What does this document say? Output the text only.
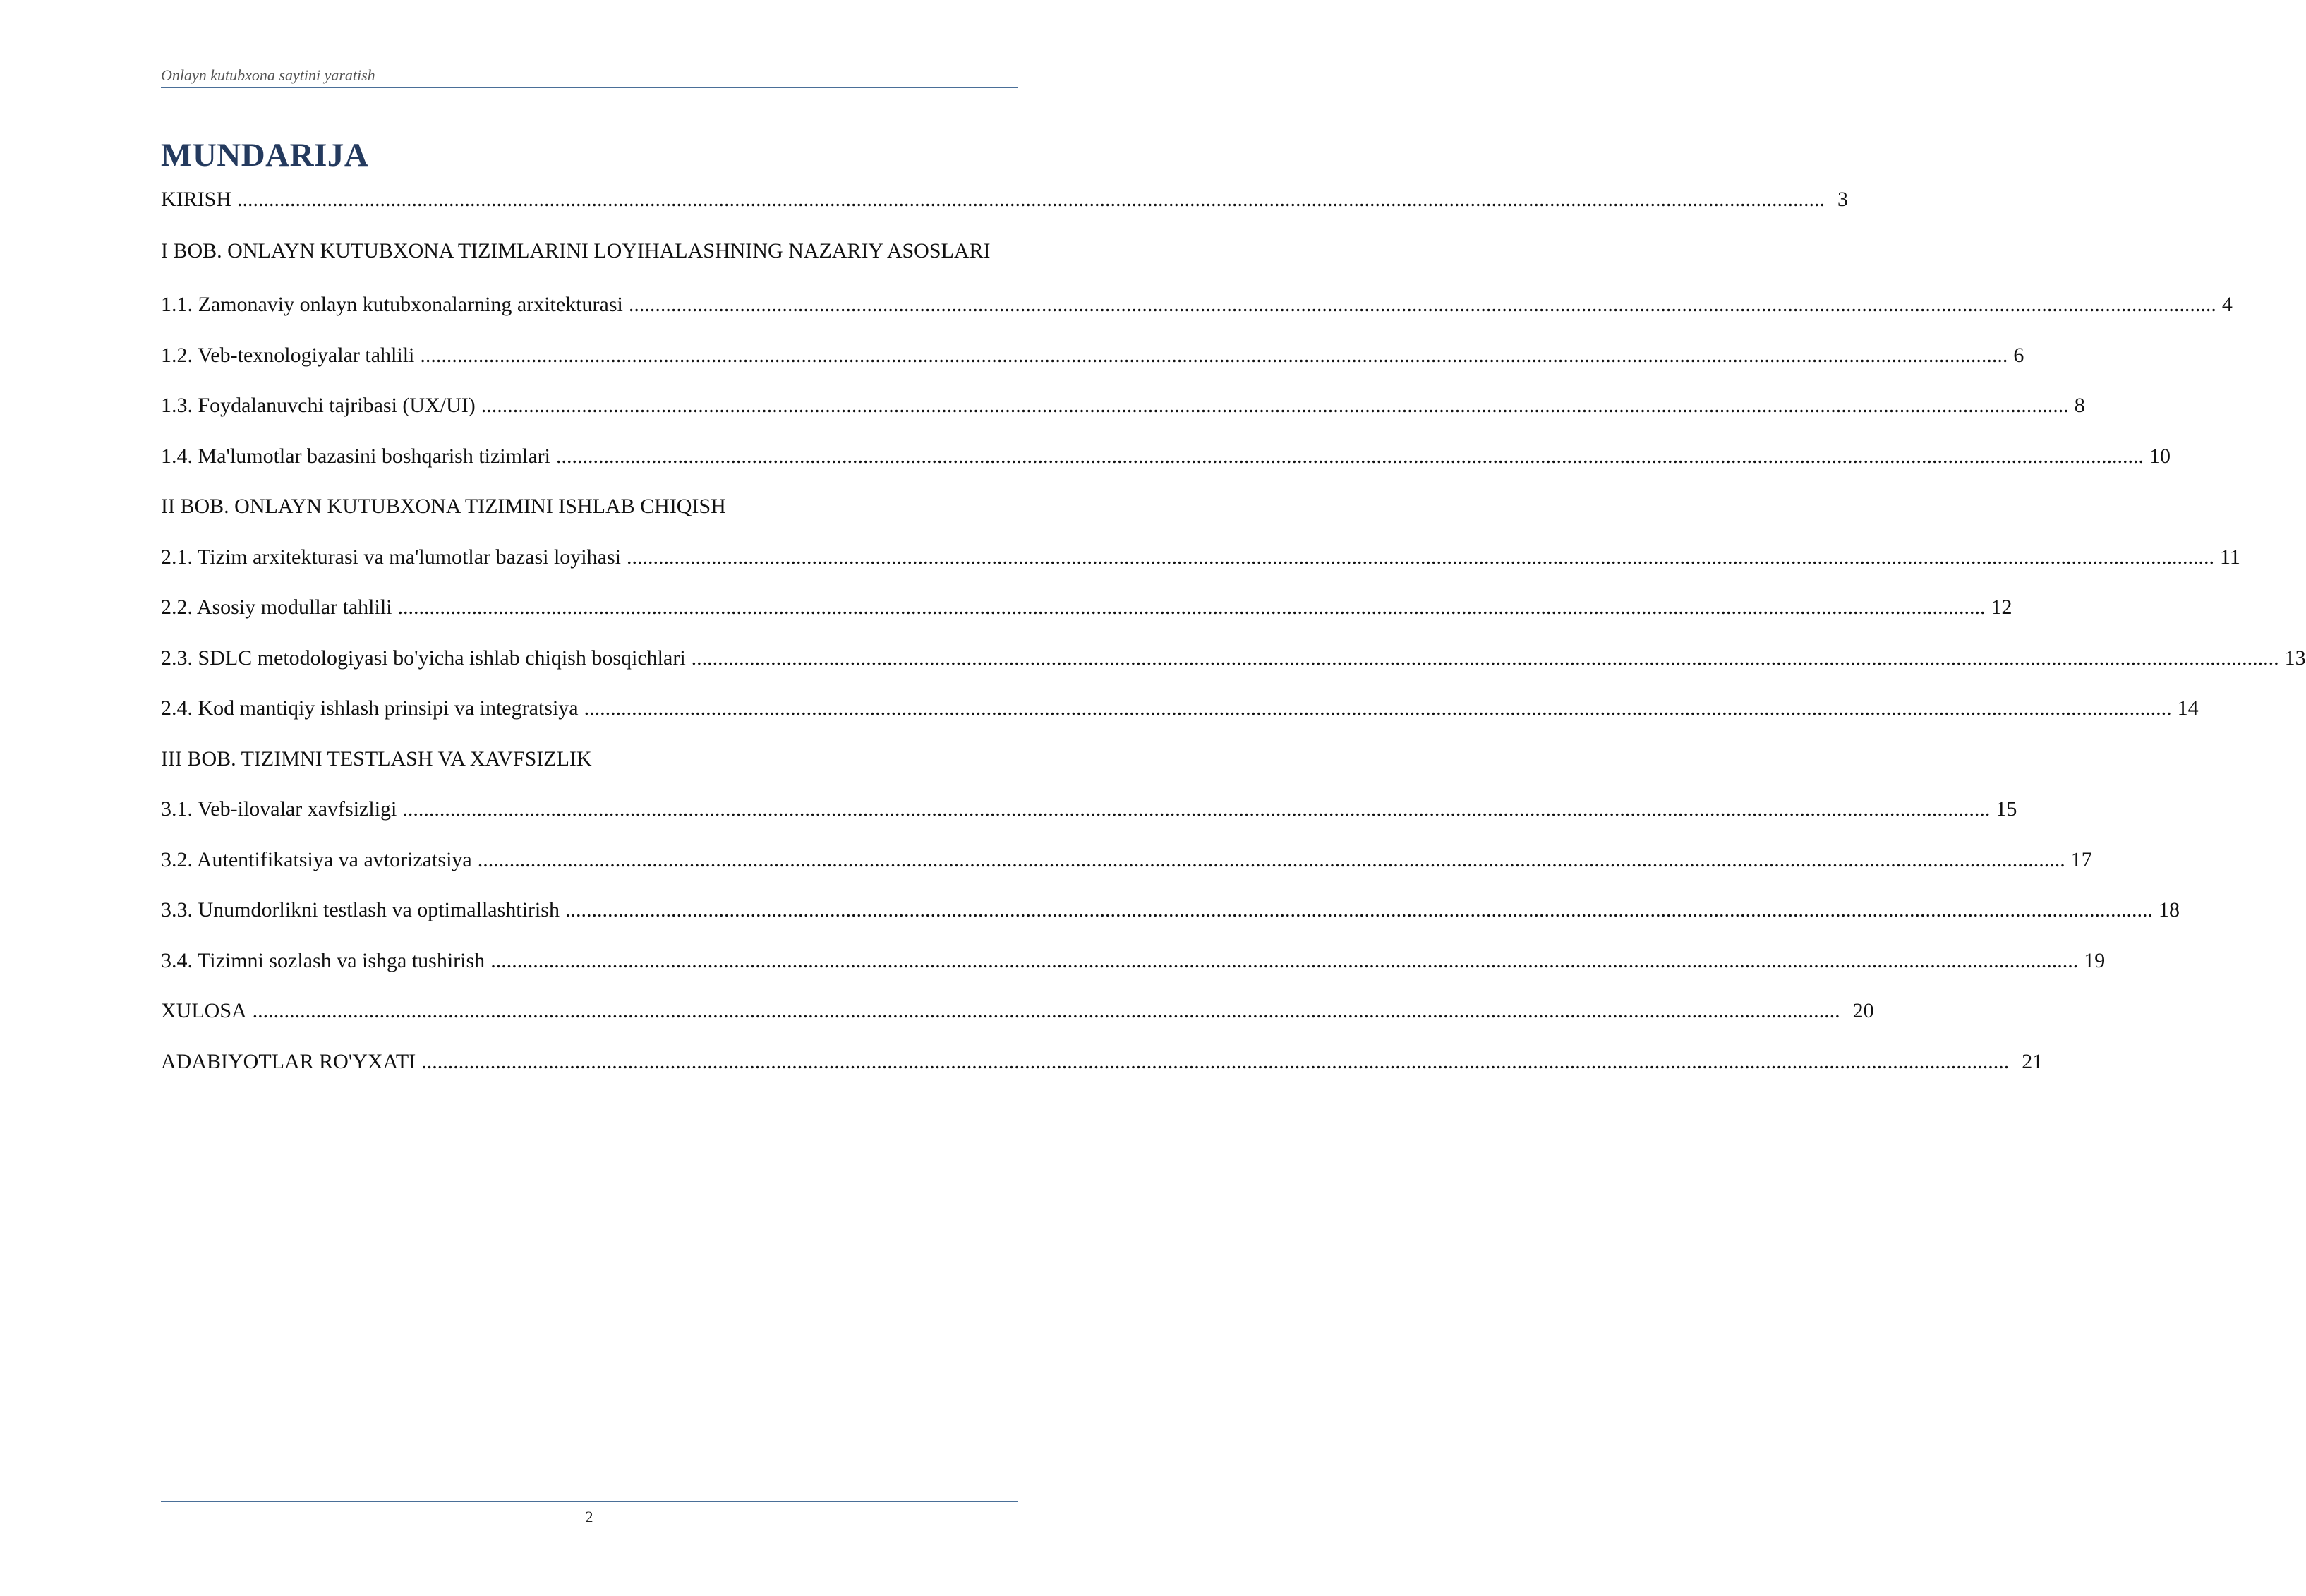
Onlayn kutubxona saytini yaratish
MUNDARIJA
KIRISH ............................................................................................................................................................................................................................................................................................................ 3
I BOB. ONLAYN KUTUBXONA TIZIMLARINI LOYIHALASHNING NAZARIY ASOSLARI
1.1. Zamonaviy onlayn kutubxonalarning arxitekturasi ............................................................................................................................................................................................................................................................................................................ 4
1.2. Veb-texnologiyalar tahlili ............................................................................................................................................................................................................................................................................................................ 6
1.3. Foydalanuvchi tajribasi (UX/UI) ............................................................................................................................................................................................................................................................................................................ 8
1.4. Ma'lumotlar bazasini boshqarish tizimlari ............................................................................................................................................................................................................................................................................................................ 10
II BOB. ONLAYN KUTUBXONA TIZIMINI ISHLAB CHIQISH
2.1. Tizim arxitekturasi va ma'lumotlar bazasi loyihasi ............................................................................................................................................................................................................................................................................................................ 11
2.2. Asosiy modullar tahlili ............................................................................................................................................................................................................................................................................................................ 12
2.3. SDLC metodologiyasi bo'yicha ishlab chiqish bosqichlari ............................................................................................................................................................................................................................................................................................................ 13
2.4. Kod mantiqiy ishlash prinsipi va integratsiya ............................................................................................................................................................................................................................................................................................................ 14
III BOB. TIZIMNI TESTLASH VA XAVFSIZLIK
3.1. Veb-ilovalar xavfsizligi ............................................................................................................................................................................................................................................................................................................ 15
3.2. Autentifikatsiya va avtorizatsiya ............................................................................................................................................................................................................................................................................................................ 17
3.3. Unumdorlikni testlash va optimallashtirish ............................................................................................................................................................................................................................................................................................................ 18
3.4. Tizimni sozlash va ishga tushirish ............................................................................................................................................................................................................................................................................................................ 19
XULOSA ............................................................................................................................................................................................................................................................................................................ 20
ADABIYOTLAR RO'YXATI ............................................................................................................................................................................................................................................................................................................ 21
2
